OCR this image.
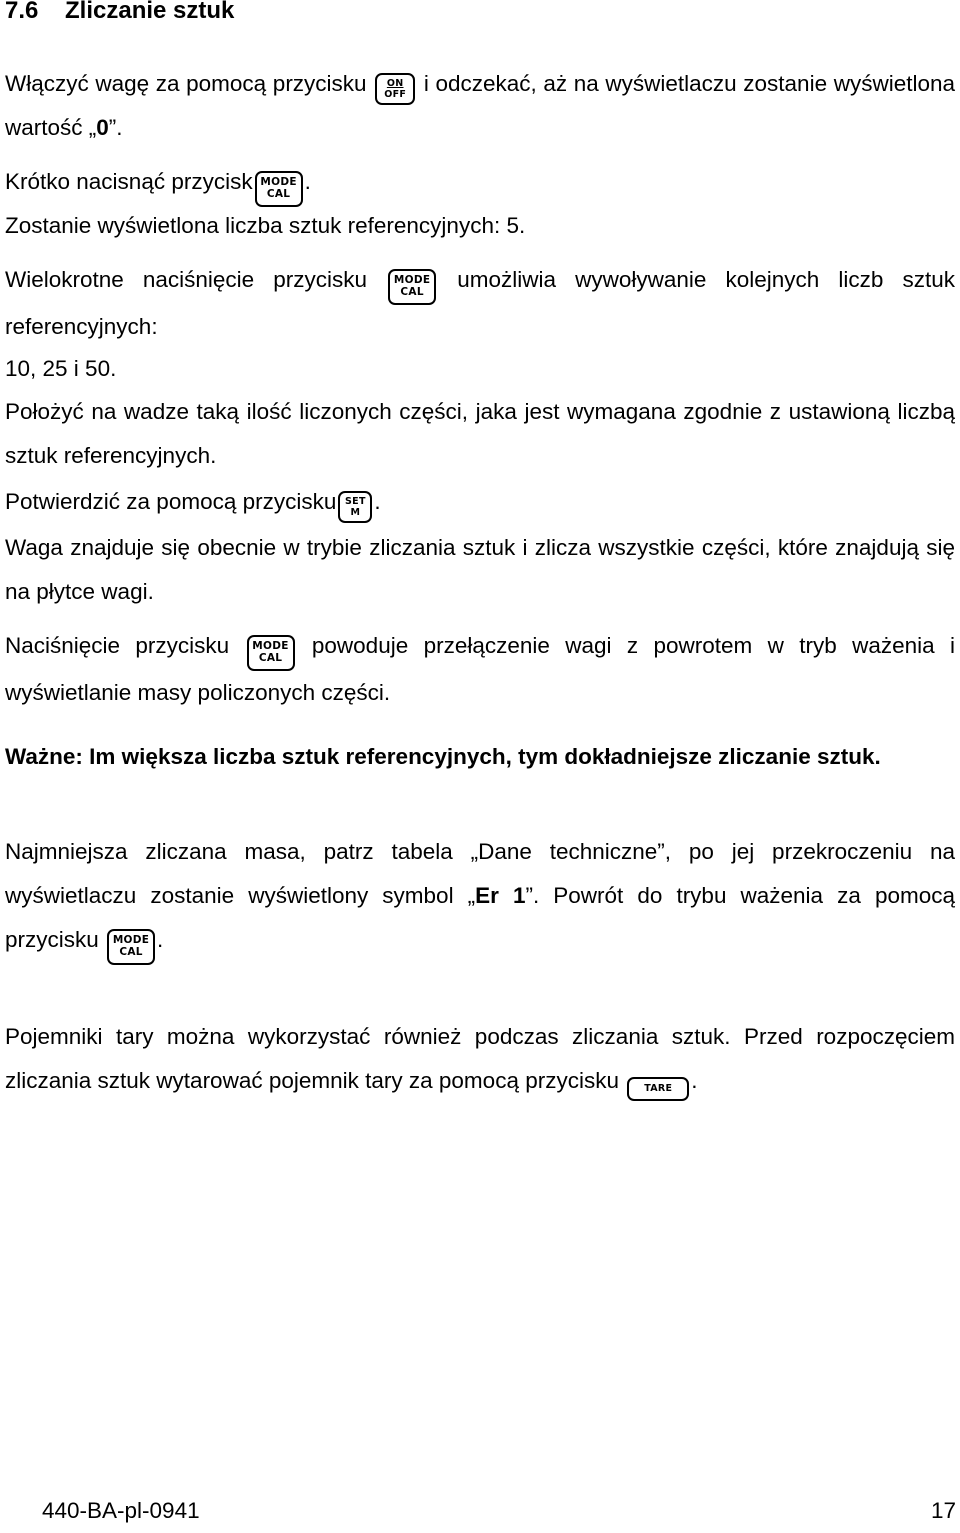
7.6 Zliczanie sztuk
Włączyć wagę za pomocą przycisku	ON
OFF i odczekać, aż na wyświetlaczu zostanie wyświetlona wartość „0”.
Krótko nacisnąć przycisk MODE
CAL .
Zostanie wyświetlona liczba sztuk referencyjnych: 5.
Wielokrotne naciśnięcie przycisku	MODE
CAL	umożliwia wywoływanie kolejnych liczb sztuk referencyjnych:
10, 25 i 50.
Położyć na wadze taką ilość liczonych części, jaka jest wymagana zgodnie z ustawioną liczbą sztuk referencyjnych.
Potwierdzić za pomocą przycisku SET
M .
Waga znajduje się obecnie w trybie zliczania sztuk i zlicza wszystkie części, które znajdują się na płytce wagi.
Naciśnięcie przycisku	MODE
CAL	powoduje przełączenie wagi z powrotem w tryb ważenia i wyświetlanie masy policzonych części.
Ważne: Im większa liczba sztuk referencyjnych, tym dokładniejsze zliczanie sztuk.
Najmniejsza zliczana masa, patrz tabela „Dane techniczne”, po jej przekroczeniu na wyświetlaczu zostanie wyświetlony symbol „Er 1”. Powrót do trybu ważenia za pomocą przycisku	MODE
CAL .
Pojemniki tary można wykorzystać również podczas zliczania sztuk. Przed rozpoczęciem zliczania sztuk wytarować pojemnik tary za pomocą przycisku	TARE .
440-BA-pl-0941	17
